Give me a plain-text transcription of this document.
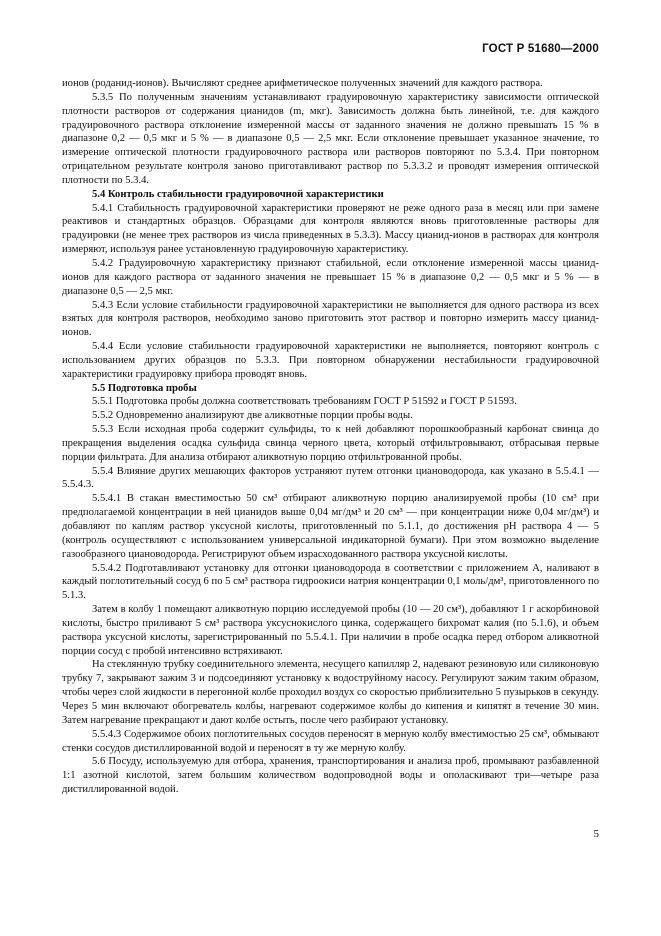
ГОСТ Р 51680—2000

ионов (роданид-ионов). Вычисляют среднее арифметическое полученных значений для каждого раствора.

5.3.5 По полученным значениям устанавливают градуировочную характеристику зависимости оптической плотности растворов от содержания цианидов (m, мкг). Зависимость должна быть линейной, т.е. для каждого градуировочного раствора отклонение измеренной массы от заданного значения не должно превышать 15 % в диапазоне 0,2 — 0,5 мкг и 5 % — в диапазоне 0,5 — 2,5 мкг. Если отклонение превышает указанное значение, то измерение оптической плотности градуировочного раствора или растворов повторяют по 5.3.4. При повторном отрицательном результате контроля заново приготавливают раствор по 5.3.3.2 и проводят измерения оптической плотности по 5.3.4.

5.4 Контроль стабильности градуировочной характеристики

5.4.1 Стабильность градуировочной характеристики проверяют не реже одного раза в месяц или при замене реактивов и стандартных образцов. Образцами для контроля являются вновь приготовленные растворы для градуировки (не менее трех растворов из числа приведенных в 5.3.3). Массу цианид-ионов в растворах для контроля измеряют, используя ранее установленную градуировочную характеристику.

5.4.2 Градуировочную характеристику признают стабильной, если отклонение измеренной массы цианид-ионов для каждого раствора от заданного значения не превышает 15 % в диапазоне 0,2 — 0,5 мкг и 5 % — в диапазоне 0,5 — 2,5 мкг.

5.4.3 Если условие стабильности градуировочной характеристики не выполняется для одного раствора из всех взятых для контроля растворов, необходимо заново приготовить этот раствор и повторно измерить массу цианид-ионов.

5.4.4 Если условие стабильности градуировочной характеристики не выполняется, повторяют контроль с использованием других образцов по 5.3.3. При повторном обнаружении нестабильности градуировочной характеристики градуировку прибора проводят вновь.

5.5 Подготовка пробы

5.5.1 Подготовка пробы должна соответствовать требованиям ГОСТ Р 51592 и ГОСТ Р 51593.

5.5.2 Одновременно анализируют две аликвотные порции пробы воды.

5.5.3 Если исходная проба содержит сульфиды, то к ней добавляют порошкообразный карбонат свинца до прекращения выделения осадка сульфида свинца черного цвета, который отфильтровывают, отбрасывая первые порции фильтрата. Для анализа отбирают аликвотную порцию отфильтрованной пробы.

5.5.4 Влияние других мешающих факторов устраняют путем отгонки циановодорода, как указано в 5.5.4.1 — 5.5.4.3.

5.5.4.1 В стакан вместимостью 50 см³ отбирают аликвотную порцию анализируемой пробы (10 см³ при предполагаемой концентрации в ней цианидов выше 0,04 мг/дм³ и 20 см³ — при концентрации ниже 0,04 мг/дм³) и добавляют по каплям раствор уксусной кислоты, приготовленный по 5.1.1, до достижения рН раствора 4 — 5 (контроль осуществляют с использованием универсальной индикаторной бумаги). При этом возможно выделение газообразного циановодорода. Регистрируют объем израсходованного раствора уксусной кислоты.

5.5.4.2 Подготавливают установку для отгонки циановодорода в соответствии с приложением А, наливают в каждый поглотительный сосуд 6 по 5 см³ раствора гидроокиси натрия концентрации 0,1 моль/дм³, приготовленного по 5.1.3.

Затем в колбу 1 помещают аликвотную порцию исследуемой пробы (10 — 20 см³), добавляют 1 г аскорбиновой кислоты, быстро приливают 5 см³ раствора уксуснокислого цинка, содержащего бихромат калия (по 5.1.6), и объем раствора уксусной кислоты, зарегистрированный по 5.5.4.1. При наличии в пробе осадка перед отбором аликвотной порции сосуд с пробой интенсивно встряхивают.

На стеклянную трубку соединительного элемента, несущего капилляр 2, надевают резиновую или силиконовую трубку 7, закрывают зажим 3 и подсоединяют установку к водоструйному насосу. Регулируют зажим таким образом, чтобы через слой жидкости в перегонной колбе проходил воздух со скоростью приблизительно 5 пузырьков в секунду. Через 5 мин включают обогреватель колбы, нагревают содержимое колбы до кипения и кипятят в течение 30 мин. Затем нагревание прекращают и дают колбе остыть, после чего разбирают установку.

5.5.4.3 Содержимое обоих поглотительных сосудов переносят в мерную колбу вместимостью 25 см³, обмывают стенки сосудов дистиллированной водой и переносят в ту же мерную колбу.

5.6 Посуду, используемую для отбора, хранения, транспортирования и анализа проб, промывают разбавленной 1:1 азотной кислотой, затем большим количеством водопроводной воды и ополаскивают три—четыре раза дистиллированной водой.

5
